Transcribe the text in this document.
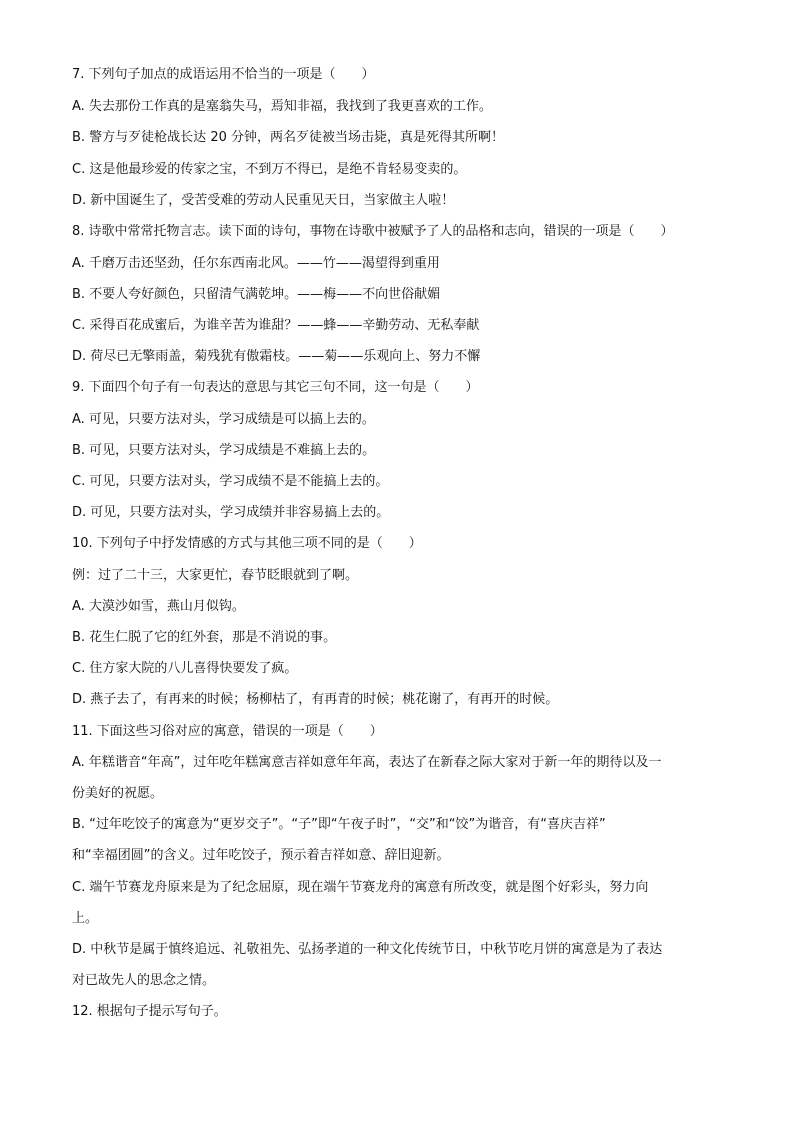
7. 下列句子加点的成语运用不恰当的一项是（　　）
A. 失去那份工作真的是塞翁失马，焉知非福，我找到了我更喜欢的工作。
B. 警方与歹徒枪战长达 20 分钟，两名歹徒被当场击毙，真是死得其所啊！
C. 这是他最珍爱的传家之宝，不到万不得已，是绝不肯轻易变卖的。
D. 新中国诞生了，受苦受难的劳动人民重见天日，当家做主人啦！
8. 诗歌中常常托物言志。读下面的诗句，事物在诗歌中被赋予了人的品格和志向，错误的一项是（　　）
A. 千磨万击还坚劲，任尔东西南北风。——竹——渴望得到重用
B. 不要人夸好颜色，只留清气满乾坤。——梅——不向世俗献媚
C. 采得百花成蜜后，为谁辛苦为谁甜？——蜂——辛勤劳动、无私奉献
D. 荷尽已无擎雨盖，菊残犹有傲霜枝。——菊——乐观向上、努力不懈
9. 下面四个句子有一句表达的意思与其它三句不同，这一句是（　　）
A. 可见，只要方法对头，学习成绩是可以搞上去的。
B. 可见，只要方法对头，学习成绩是不难搞上去的。
C. 可见，只要方法对头，学习成绩不是不能搞上去的。
D. 可见，只要方法对头，学习成绩并非容易搞上去的。
10. 下列句子中抒发情感的方式与其他三项不同的是（　　）
例：过了二十三，大家更忙，春节眨眼就到了啊。
A. 大漠沙如雪，燕山月似钩。
B. 花生仁脱了它的红外套，那是不消说的事。
C. 住方家大院的八儿喜得快要发了疯。
D. 燕子去了，有再来的时候；杨柳枯了，有再青的时候；桃花谢了，有再开的时候。
11. 下面这些习俗对应的寓意，错误的一项是（　　）
A. 年糕谐音“年高”，过年吃年糕寓意吉祥如意年年高，表达了在新春之际大家对于新一年的期待以及一
份美好的祝愿。
B. “过年吃饺子的寓意为“更岁交子”。“子”即“午夜子时”，“交”和“饺”为谐音，有“喜庆吉祥”
和“幸福团圆”的含义。过年吃饺子，预示着吉祥如意、辞旧迎新。
C. 端午节赛龙舟原来是为了纪念屈原，现在端午节赛龙舟的寓意有所改变，就是图个好彩头，努力向
上。
D. 中秋节是属于慎终追远、礼敬祖先、弘扬孝道的一种文化传统节日，中秋节吃月饼的寓意是为了表达
对已故先人的思念之情。
12. 根据句子提示写句子。
